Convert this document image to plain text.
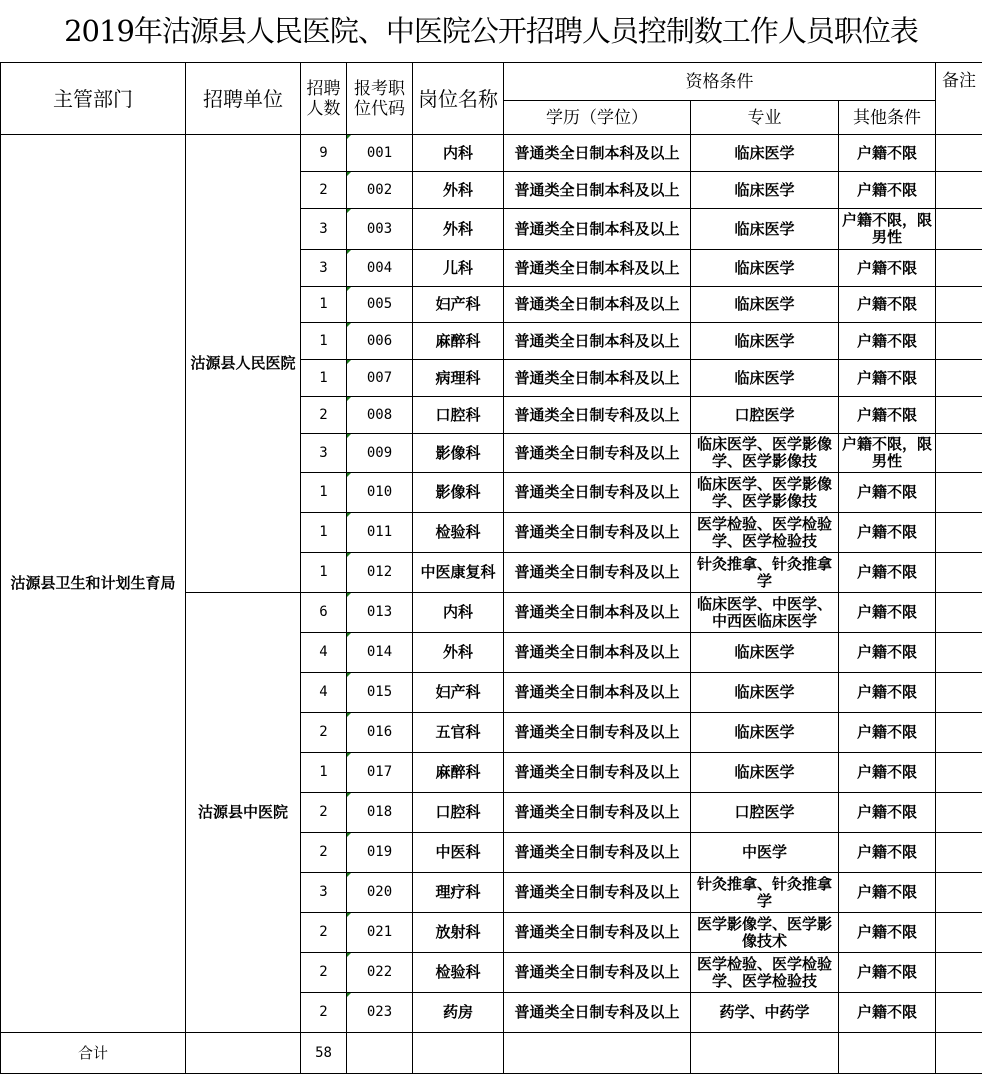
2019年沽源县人民医院、中医院公开招聘人员控制数工作人员职位表
主管部门	招聘单位	招聘人数	报考职位代码	岗位名称	资格条件			备注
					学历（学位）	专业	其他条件	

沽源县卫生和计划生育局	沽源县人民医院	9	001	内科	普通类全日制本科及以上	临床医学	户籍不限	

		2	002	外科	普通类全日制本科及以上	临床医学	户籍不限	

		3	003	外科	普通类全日制本科及以上	临床医学	户籍不限，限男性	

		3	004	儿科	普通类全日制本科及以上	临床医学	户籍不限	

		1	005	妇产科	普通类全日制本科及以上	临床医学	户籍不限	

		1	006	麻醉科	普通类全日制本科及以上	临床医学	户籍不限	

		1	007	病理科	普通类全日制本科及以上	临床医学	户籍不限	

		2	008	口腔科	普通类全日制专科及以上	口腔医学	户籍不限	

		3	009	影像科	普通类全日制专科及以上	临床医学、医学影像学、医学影像技	户籍不限，限男性	

		1	010	影像科	普通类全日制专科及以上	临床医学、医学影像学、医学影像技	户籍不限	

		1	011	检验科	普通类全日制专科及以上	医学检验、医学检验学、医学检验技	户籍不限	

		1	012	中医康复科	普通类全日制专科及以上	针灸推拿、针灸推拿学	户籍不限	

	沽源县中医院	6	013	内科	普通类全日制本科及以上	临床医学、中医学、中西医临床医学	户籍不限	

		4	014	外科	普通类全日制本科及以上	临床医学	户籍不限	

		4	015	妇产科	普通类全日制本科及以上	临床医学	户籍不限	

		2	016	五官科	普通类全日制专科及以上	临床医学	户籍不限	

		1	017	麻醉科	普通类全日制专科及以上	临床医学	户籍不限	

		2	018	口腔科	普通类全日制专科及以上	口腔医学	户籍不限	

		2	019	中医科	普通类全日制专科及以上	中医学	户籍不限	

		3	020	理疗科	普通类全日制专科及以上	针灸推拿、针灸推拿学	户籍不限	

		2	021	放射科	普通类全日制专科及以上	医学影像学、医学影像技术	户籍不限	

		2	022	检验科	普通类全日制专科及以上	医学检验、医学检验学、医学检验技	户籍不限	

		2	023	药房	普通类全日制专科及以上	药学、中药学	户籍不限	

合计		58						
